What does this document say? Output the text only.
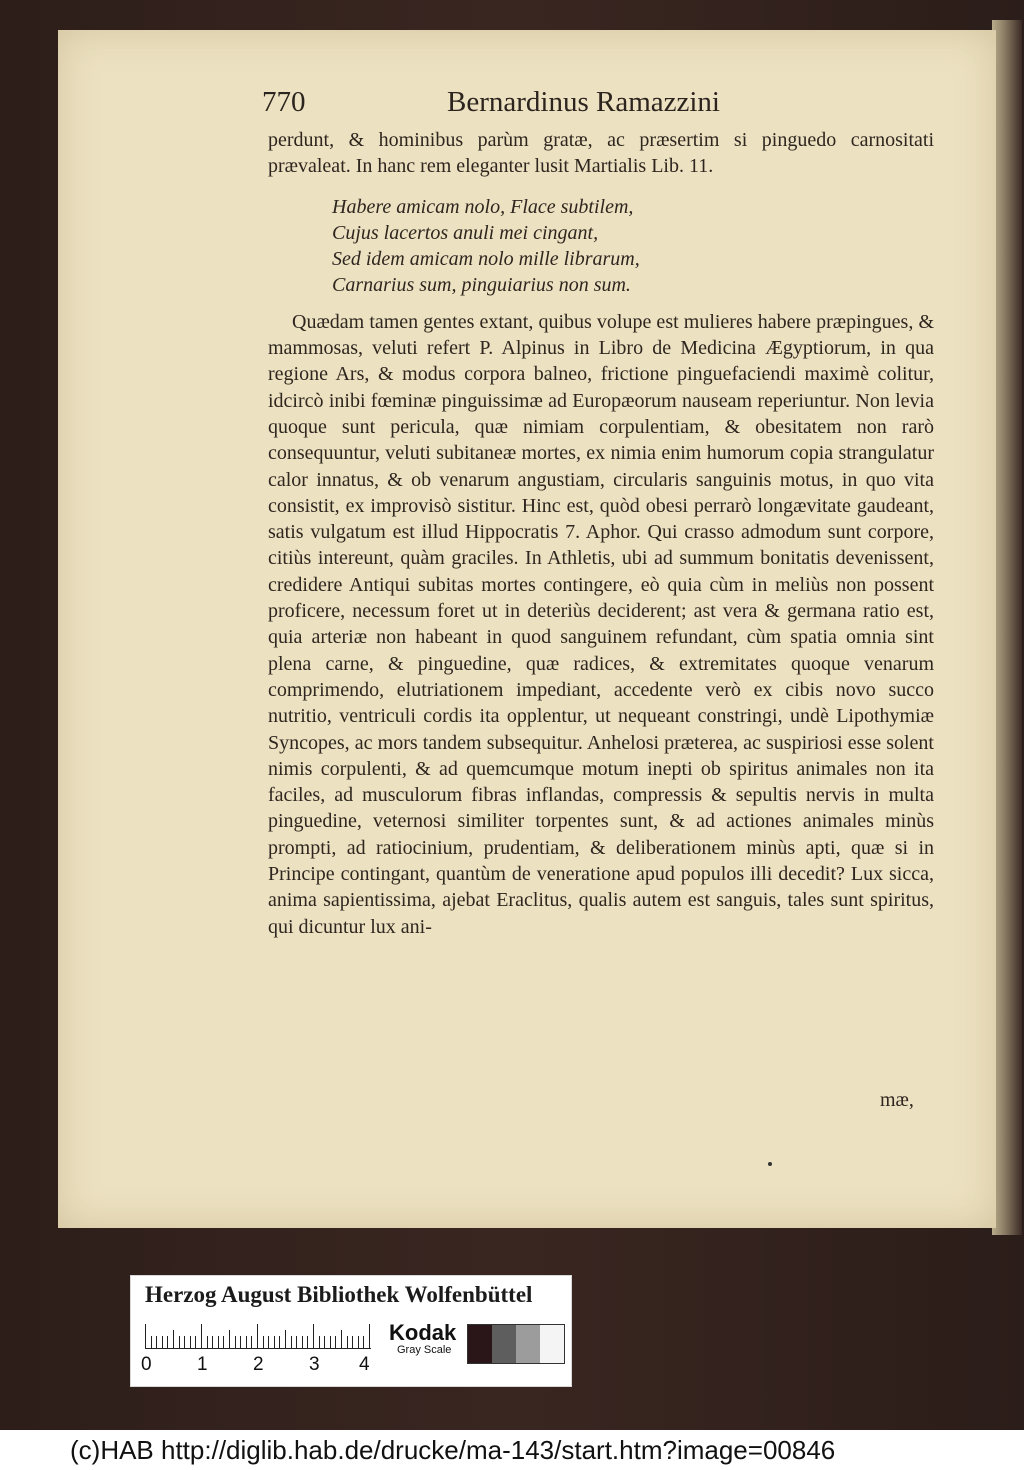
770	Bernardinus Ramazzini

perdunt, & hominibus parùm gratæ, ac præsertim si pinguedo carnositati prævaleat. In hanc rem eleganter lusit Martialis Lib. 11.

Habere amicam nolo, Flace subtilem,
Cujus lacertos anuli mei cingant,
Sed idem amicam nolo mille librarum,
Carnarius sum, pinguiarius non sum.

Quædam tamen gentes extant, quibus volupe est mulieres habere præpingues, & mammosas, veluti refert P. Alpinus in Libro de Medicina Ægyptiorum, in qua regione Ars, & modus corpora balneo, frictione pinguefaciendi maximè colitur, idcircò inibi fœminæ pinguissimæ ad Europæorum nauseam reperiuntur. Non levia quoque sunt pericula, quæ nimiam corpulentiam, & obesitatem non rarò consequuntur, veluti subitaneæ mortes, ex nimia enim humorum copia strangulatur calor innatus, & ob venarum angustiam, circularis sanguinis motus, in quo vita consistit, ex improvisò sistitur. Hinc est, quòd obesi perrarò longævitate gaudeant, satis vulgatum est illud Hippocratis 7. Aphor. Qui crasso admodum sunt corpore, citiùs intereunt, quàm graciles. In Athletis, ubi ad summum bonitatis devenissent, credidere Antiqui subitas mortes contingere, eò quia cùm in meliùs non possent proficere, necessum foret ut in deteriùs deciderent; ast vera & germana ratio est, quia arteriæ non habeant in quod sanguinem refundant, cùm spatia omnia sint plena carne, & pinguedine, quæ radices, & extremitates quoque venarum comprimendo, elutriationem impediant, accedente verò ex cibis novo succo nutritio, ventriculi cordis ita opplentur, ut nequeant constringi, undè Lipothymiæ Syncopes, ac mors tandem subsequitur. Anhelosi præterea, ac suspiriosi esse solent nimis corpulenti, & ad quemcumque motum inepti ob spiritus animales non ita faciles, ad musculorum fibras inflandas, compressis & sepultis nervis in multa pinguedine, veternosi similiter torpentes sunt, & ad actiones animales minùs prompti, ad ratiocinium, prudentiam, & deliberationem minùs apti, quæ si in Principe contingant, quantùm de veneratione apud populos illi decedit? Lux sicca, anima sapientissima, ajebat Eraclitus, qualis autem est sanguis, tales sunt spiritus, qui dicuntur lux ani-

mæ,
Herzog August Bibliothek Wolfenbüttel
0 1 2 3 4
Kodak
Gray Scale
(c)HAB http://diglib.hab.de/drucke/ma-143/start.htm?image=00846
